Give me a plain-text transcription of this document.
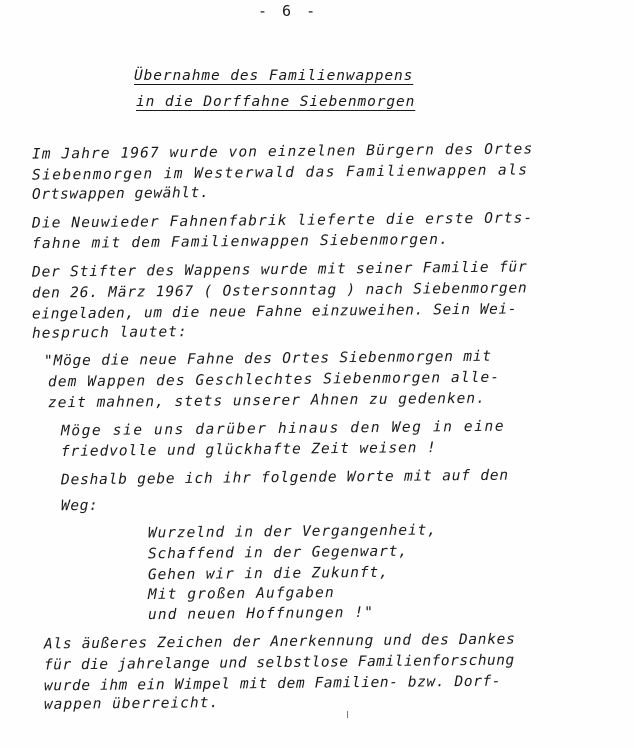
- 6 -
Übernahme des Familienwappens
in die Dorffahne Siebenmorgen
Im Jahre 1967 wurde von einzelnen Bürgern des Ortes
Siebenmorgen im Westerwald das Familienwappen als
Ortswappen gewählt.
Die Neuwieder Fahnenfabrik lieferte die erste Orts-
fahne mit dem Familienwappen Siebenmorgen.
Der Stifter des Wappens wurde mit seiner Familie für
den 26. März 1967 ( Ostersonntag ) nach Siebenmorgen
eingeladen, um die neue Fahne einzuweihen. Sein Wei-
hespruch lautet:
"Möge die neue Fahne des Ortes Siebenmorgen mit
dem Wappen des Geschlechtes Siebenmorgen alle-
zeit mahnen, stets unserer Ahnen zu gedenken.
Möge sie uns darüber hinaus den Weg in eine
friedvolle und glückhafte Zeit weisen !
Deshalb gebe ich ihr folgende Worte mit auf den
Weg:
Wurzelnd in der Vergangenheit,
Schaffend in der Gegenwart,
Gehen wir in die Zukunft,
Mit großen Aufgaben
und neuen Hoffnungen !"
Als äußeres Zeichen der Anerkennung und des Dankes
für die jahrelange und selbstlose Familienforschung
wurde ihm ein Wimpel mit dem Familien- bzw. Dorf-
wappen überreicht.
